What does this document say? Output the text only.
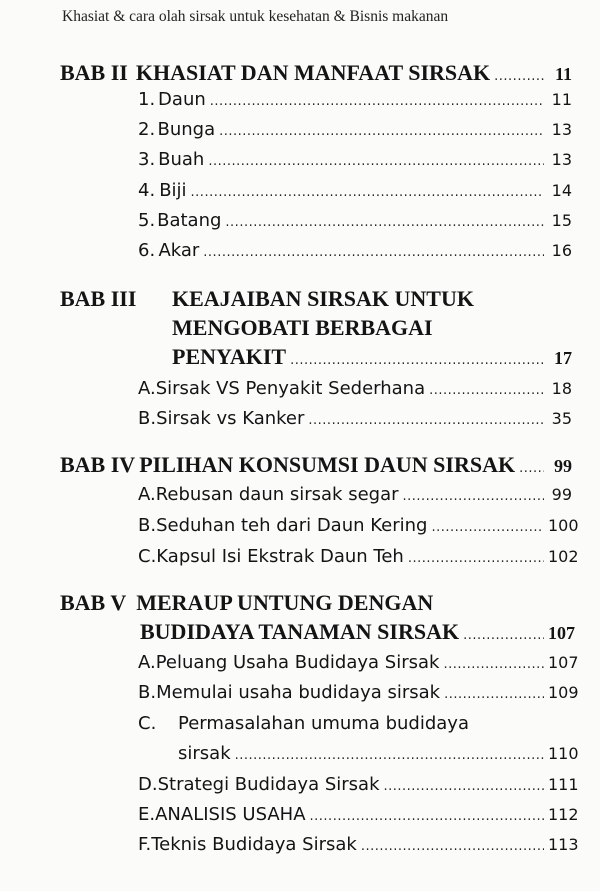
Khasiat & cara olah sirsak untuk kesehatan & Bisnis makanan
BAB II KHASIAT DAN MANFAAT SIRSAK .....	11
1. Daun .....	11
2. Bunga .....	13
3. Buah .....	13
4. Biji .....	14
5. Batang .....	15
6. Akar .....	16
BAB III KEAJAIBAN SIRSAK UNTUK
MENGOBATI BERBAGAI
PENYAKIT .....	17
A. Sirsak VS Penyakit Sederhana .....	18
B. Sirsak vs Kanker .....	35
BAB IV PILIHAN KONSUMSI DAUN SIRSAK .....	99
A. Rebusan daun sirsak segar .....	99
B. Seduhan teh dari Daun Kering .....	100
C. Kapsul Isi Ekstrak Daun Teh .....	102
BAB V MERAUP UNTUNG DENGAN
BUDIDAYA TANAMAN SIRSAK .....	107
A. Peluang Usaha Budidaya Sirsak .....	107
B. Memulai usaha budidaya sirsak .....	109
C.	Permasalahan umuma budidaya
sirsak .....	110
D. Strategi Budidaya Sirsak .....	111
E. ANALISIS USAHA .....	112
F. Teknis Budidaya Sirsak .....	113
